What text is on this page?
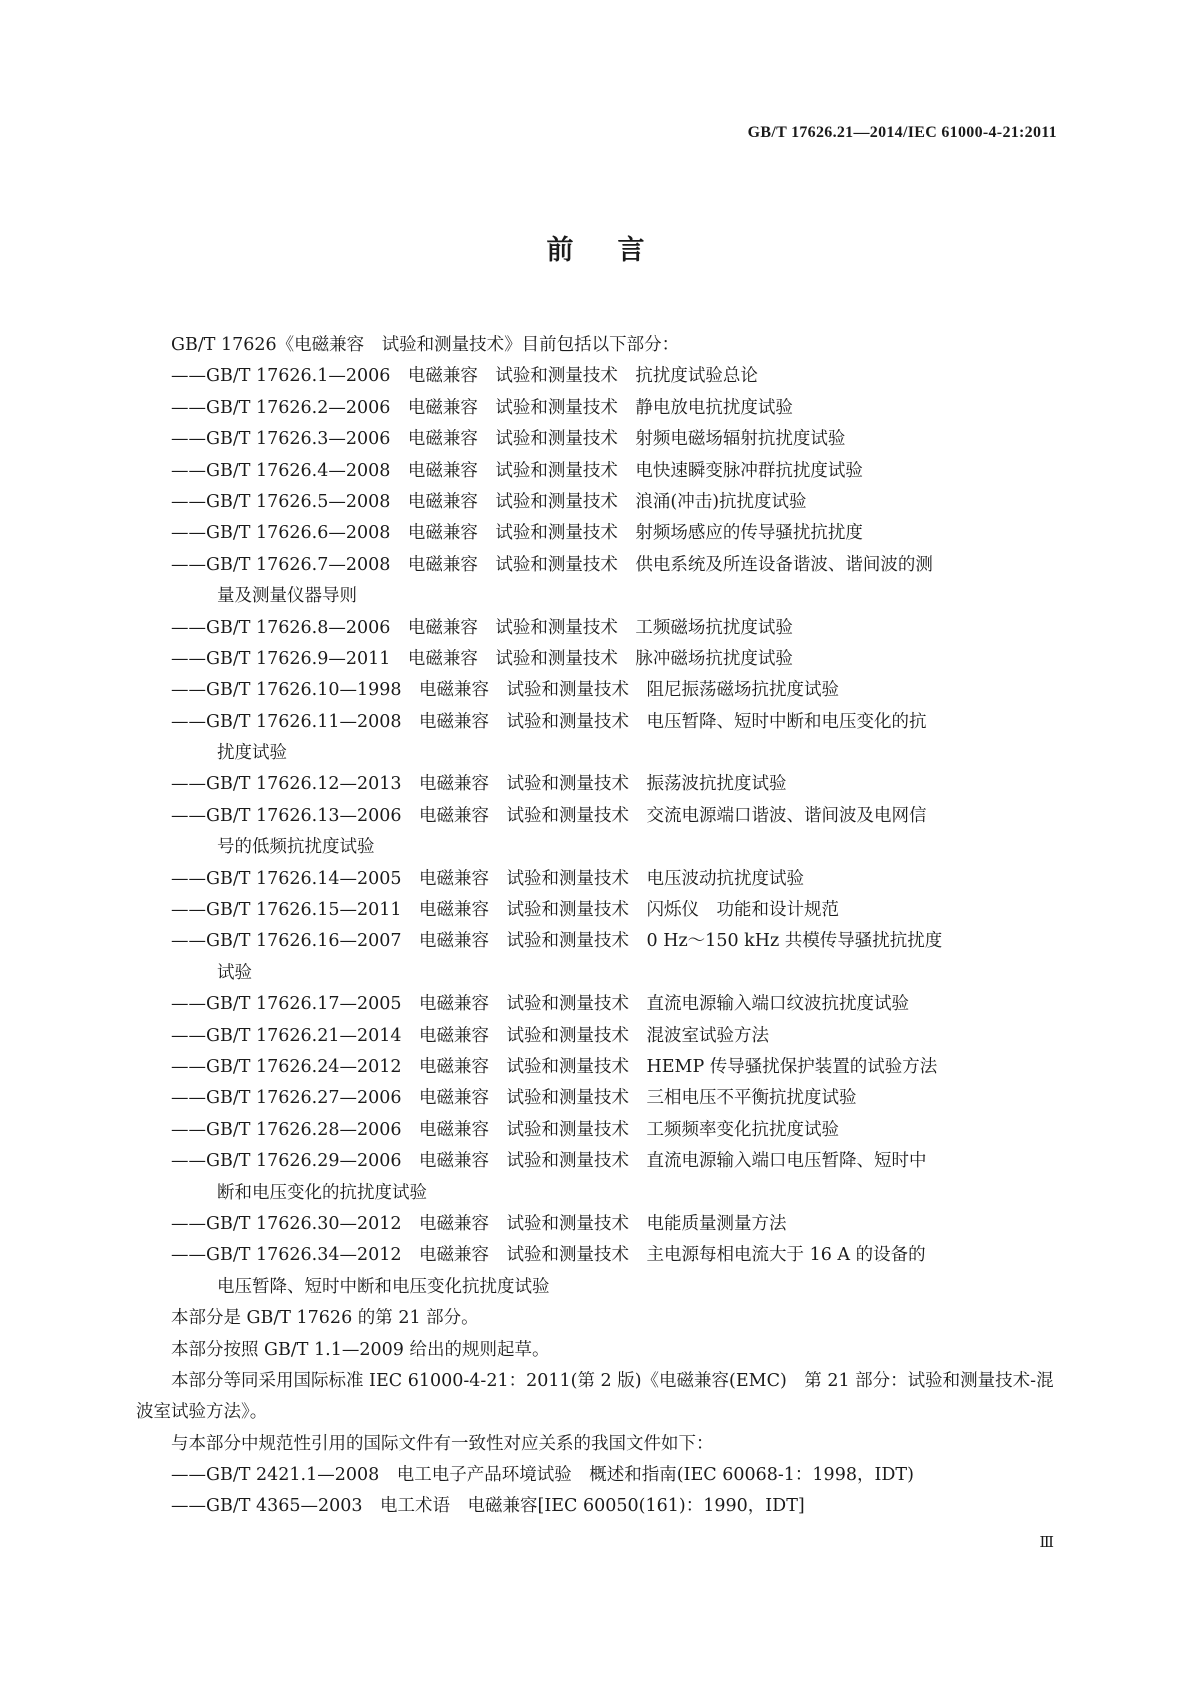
GB/T 17626.21—2014/IEC 61000-4-21:2011
前言
GB/T 17626《电磁兼容　试验和测量技术》目前包括以下部分：
——GB/T 17626.1—2006　电磁兼容　试验和测量技术　抗扰度试验总论
——GB/T 17626.2—2006　电磁兼容　试验和测量技术　静电放电抗扰度试验
——GB/T 17626.3—2006　电磁兼容　试验和测量技术　射频电磁场辐射抗扰度试验
——GB/T 17626.4—2008　电磁兼容　试验和测量技术　电快速瞬变脉冲群抗扰度试验
——GB/T 17626.5—2008　电磁兼容　试验和测量技术　浪涌(冲击)抗扰度试验
——GB/T 17626.6—2008　电磁兼容　试验和测量技术　射频场感应的传导骚扰抗扰度
——GB/T 17626.7—2008　电磁兼容　试验和测量技术　供电系统及所连设备谐波、谐间波的测
量及测量仪器导则
——GB/T 17626.8—2006　电磁兼容　试验和测量技术　工频磁场抗扰度试验
——GB/T 17626.9—2011　电磁兼容　试验和测量技术　脉冲磁场抗扰度试验
——GB/T 17626.10—1998　电磁兼容　试验和测量技术　阻尼振荡磁场抗扰度试验
——GB/T 17626.11—2008　电磁兼容　试验和测量技术　电压暂降、短时中断和电压变化的抗
扰度试验
——GB/T 17626.12—2013　电磁兼容　试验和测量技术　振荡波抗扰度试验
——GB/T 17626.13—2006　电磁兼容　试验和测量技术　交流电源端口谐波、谐间波及电网信
号的低频抗扰度试验
——GB/T 17626.14—2005　电磁兼容　试验和测量技术　电压波动抗扰度试验
——GB/T 17626.15—2011　电磁兼容　试验和测量技术　闪烁仪　功能和设计规范
——GB/T 17626.16—2007　电磁兼容　试验和测量技术　0 Hz～150 kHz 共模传导骚扰抗扰度
试验
——GB/T 17626.17—2005　电磁兼容　试验和测量技术　直流电源输入端口纹波抗扰度试验
——GB/T 17626.21—2014　电磁兼容　试验和测量技术　混波室试验方法
——GB/T 17626.24—2012　电磁兼容　试验和测量技术　HEMP 传导骚扰保护装置的试验方法
——GB/T 17626.27—2006　电磁兼容　试验和测量技术　三相电压不平衡抗扰度试验
——GB/T 17626.28—2006　电磁兼容　试验和测量技术　工频频率变化抗扰度试验
——GB/T 17626.29—2006　电磁兼容　试验和测量技术　直流电源输入端口电压暂降、短时中
断和电压变化的抗扰度试验
——GB/T 17626.30—2012　电磁兼容　试验和测量技术　电能质量测量方法
——GB/T 17626.34—2012　电磁兼容　试验和测量技术　主电源每相电流大于 16 A 的设备的
电压暂降、短时中断和电压变化抗扰度试验
本部分是 GB/T 17626 的第 21 部分。
本部分按照 GB/T 1.1—2009 给出的规则起草。
本部分等同采用国际标准 IEC 61000-4-21：2011(第 2 版)《电磁兼容(EMC)　第 21 部分：试验和测量技术-混波室试验方法》。
与本部分中规范性引用的国际文件有一致性对应关系的我国文件如下：
——GB/T 2421.1—2008　电工电子产品环境试验　概述和指南(IEC 60068-1：1998，IDT)
——GB/T 4365—2003　电工术语　电磁兼容[IEC 60050(161)：1990，IDT]
Ⅲ
